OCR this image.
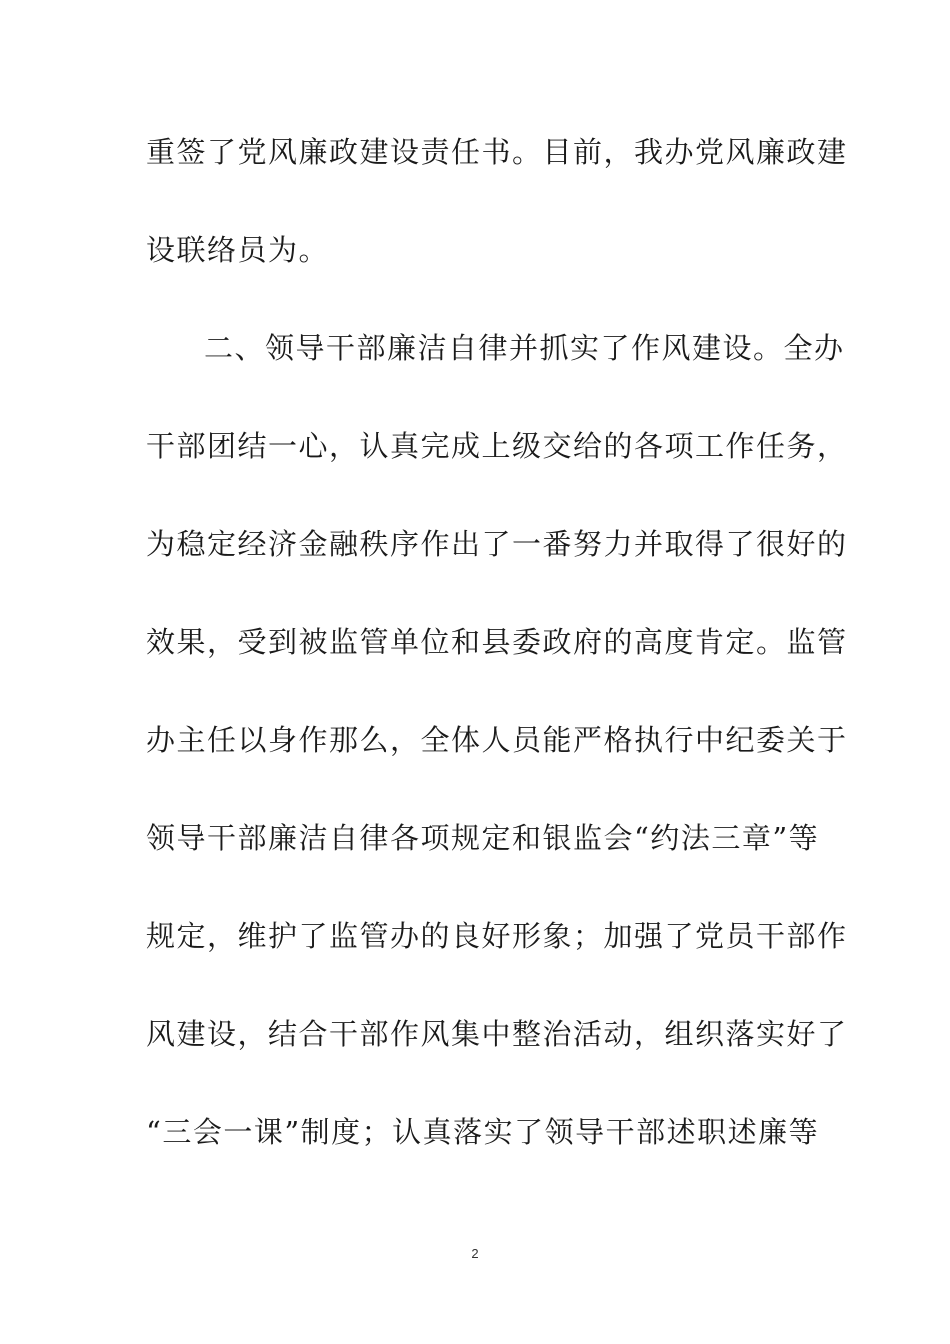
重签了党风廉政建设责任书。目前，我办党风廉政建
设联络员为。
二、领导干部廉洁自律并抓实了作风建设。全办
干部团结一心，认真完成上级交给的各项工作任务，
为稳定经济金融秩序作出了一番努力并取得了很好的
效果，受到被监管单位和县委政府的高度肯定。监管
办主任以身作那么，全体人员能严格执行中纪委关于
领导干部廉洁自律各项规定和银监会“约法三章”等
规定，维护了监管办的良好形象；加强了党员干部作
风建设，结合干部作风集中整治活动，组织落实好了
“三会一课”制度；认真落实了领导干部述职述廉等
2
